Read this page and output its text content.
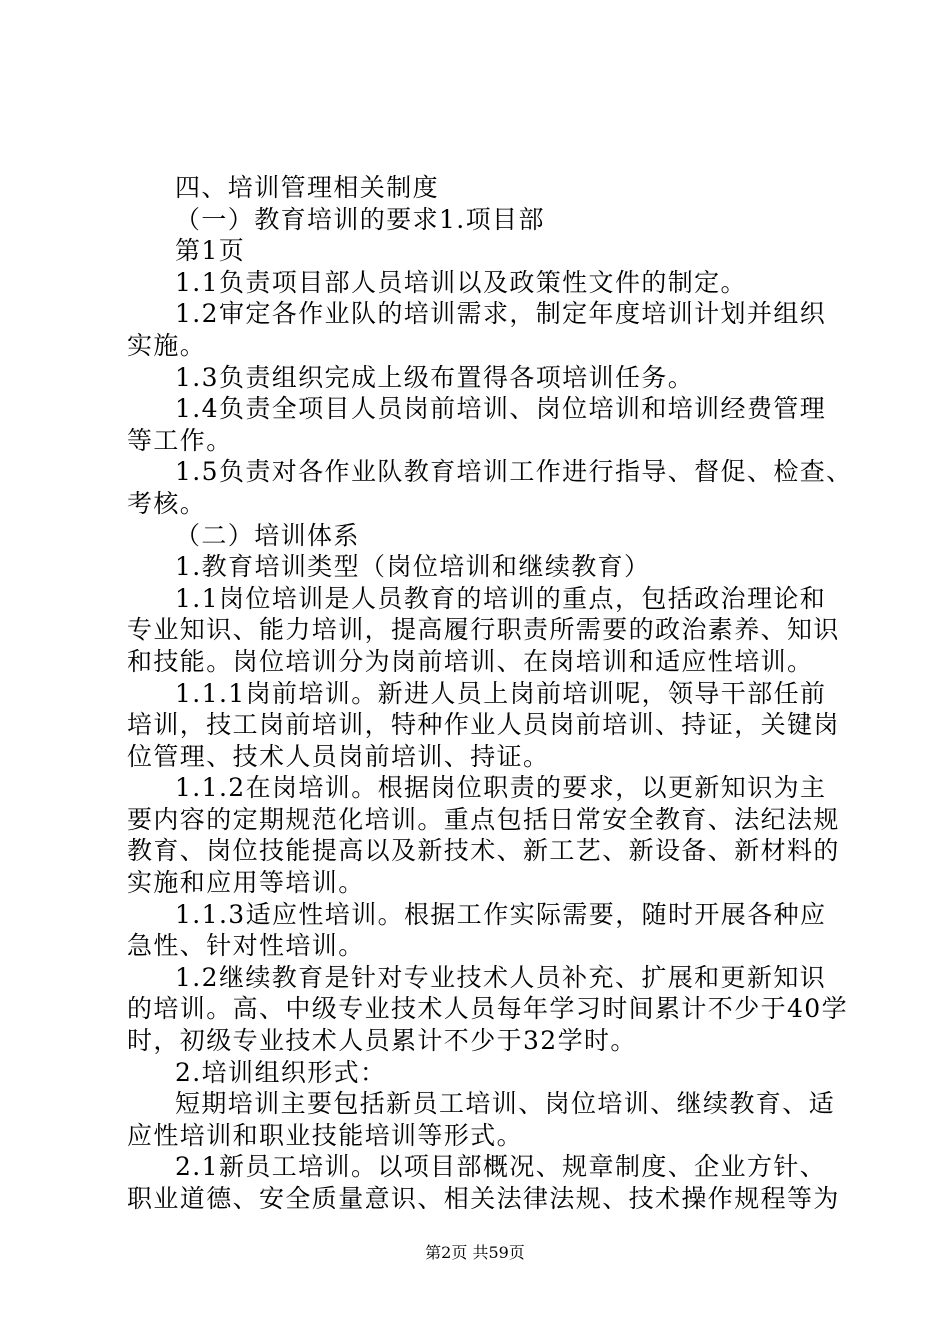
四、培训管理相关制度
（一）教育培训的要求1.项目部
第1页
1.1负责项目部人员培训以及政策性文件的制定。
1.2审定各作业队的培训需求，制定年度培训计划并组织
实施。
1.3负责组织完成上级布置得各项培训任务。
1.4负责全项目人员岗前培训、岗位培训和培训经费管理
等工作。
1.5负责对各作业队教育培训工作进行指导、督促、检查、
考核。
（二）培训体系
1.教育培训类型（岗位培训和继续教育）
1.1岗位培训是人员教育的培训的重点，包括政治理论和
专业知识、能力培训，提高履行职责所需要的政治素养、知识
和技能。岗位培训分为岗前培训、在岗培训和适应性培训。
1.1.1岗前培训。新进人员上岗前培训呢，领导干部任前
培训，技工岗前培训，特种作业人员岗前培训、持证，关键岗
位管理、技术人员岗前培训、持证。
1.1.2在岗培训。根据岗位职责的要求，以更新知识为主
要内容的定期规范化培训。重点包括日常安全教育、法纪法规
教育、岗位技能提高以及新技术、新工艺、新设备、新材料的
实施和应用等培训。
1.1.3适应性培训。根据工作实际需要，随时开展各种应
急性、针对性培训。
1.2继续教育是针对专业技术人员补充、扩展和更新知识
的培训。高、中级专业技术人员每年学习时间累计不少于40学
时，初级专业技术人员累计不少于32学时。
2.培训组织形式：
短期培训主要包括新员工培训、岗位培训、继续教育、适
应性培训和职业技能培训等形式。
2.1新员工培训。以项目部概况、规章制度、企业方针、
职业道德、安全质量意识、相关法律法规、技术操作规程等为
第2页 共59页
